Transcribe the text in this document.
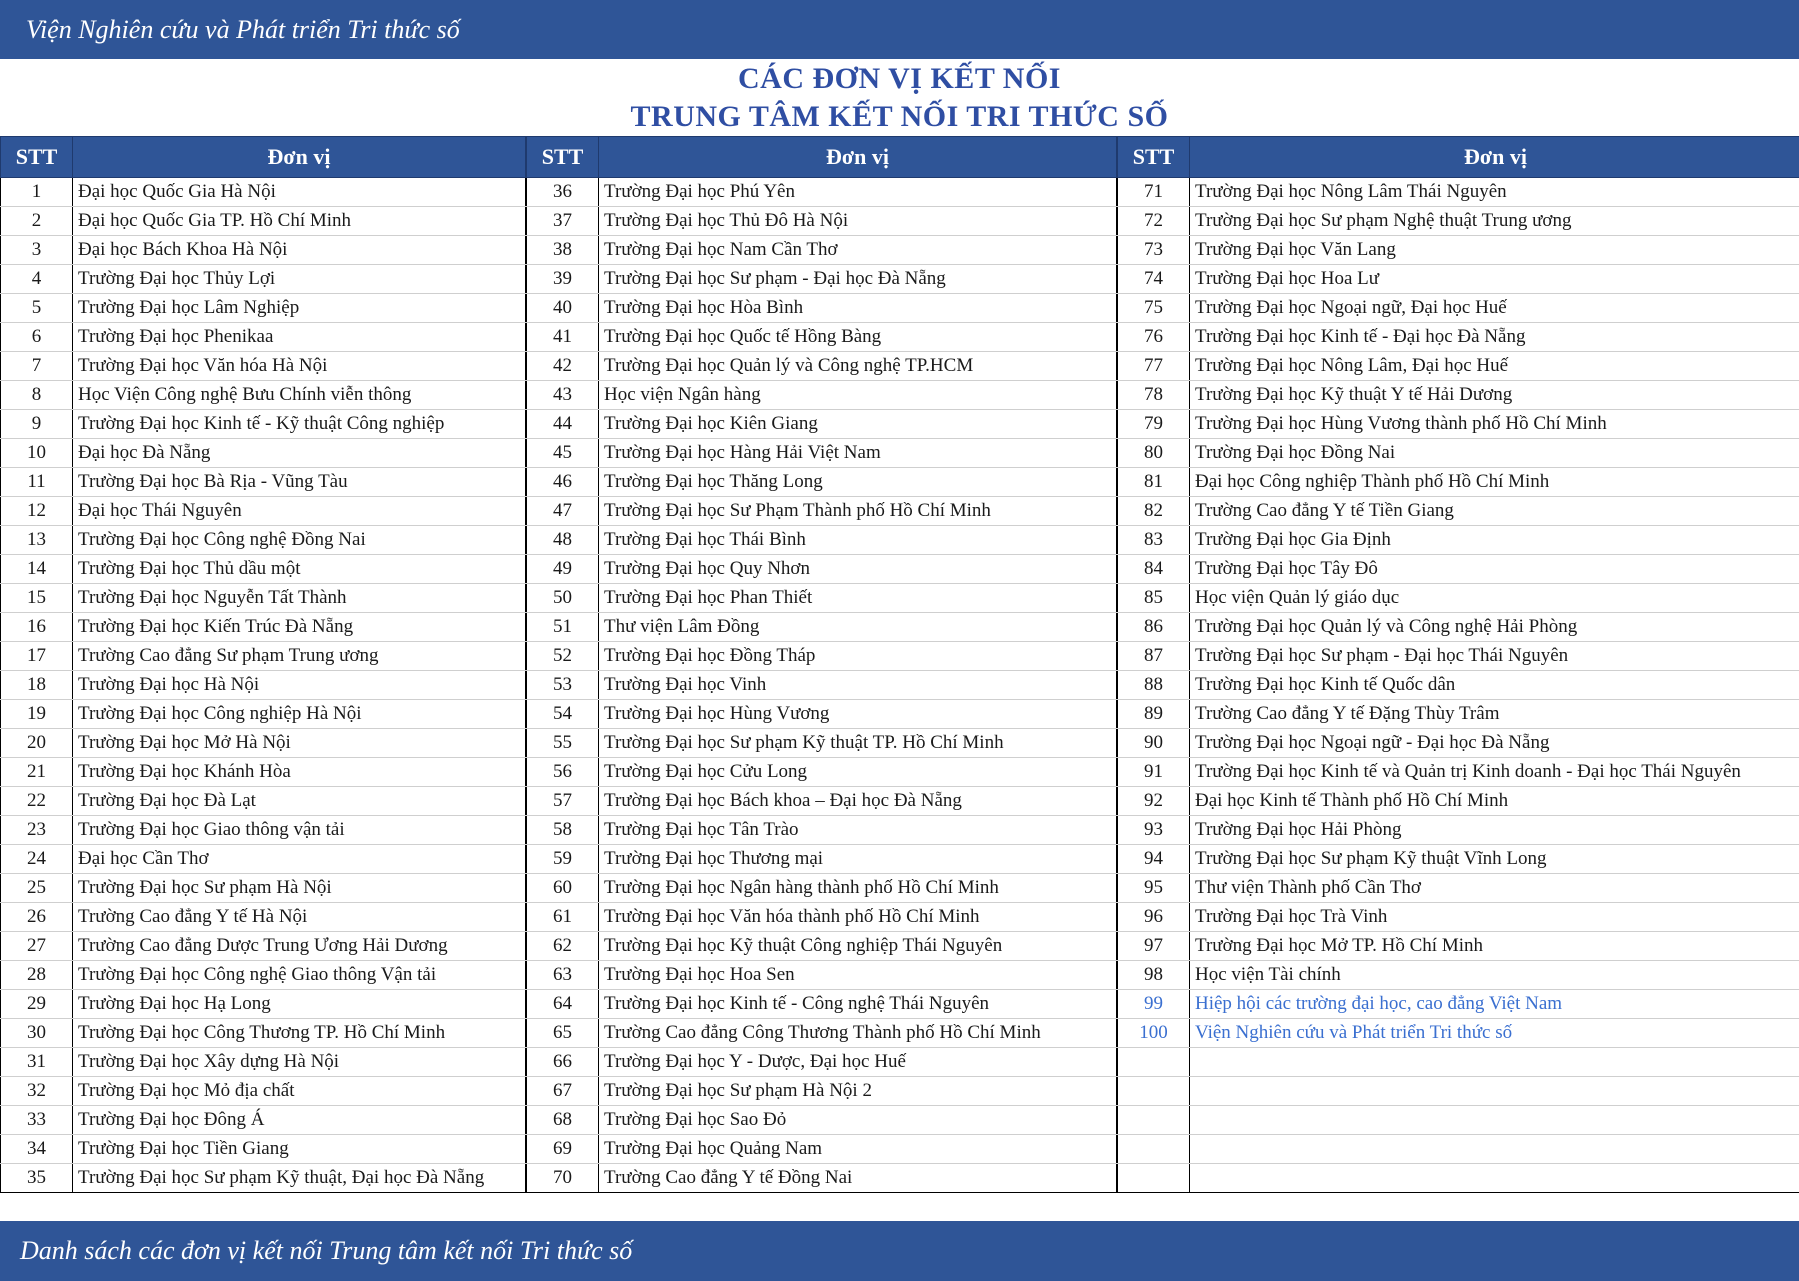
Viện Nghiên cứu và Phát triển Tri thức số
CÁC ĐƠN VỊ KẾT NỐI
TRUNG TÂM KẾT NỐI TRI THỨC SỐ
STT	Đơn vị
1	Đại học Quốc Gia Hà Nội
2	Đại học Quốc Gia TP. Hồ Chí Minh
3	Đại học Bách Khoa Hà Nội
4	Trường Đại học Thủy Lợi
5	Trường Đại học Lâm Nghiệp
6	Trường Đại học Phenikaa
7	Trường Đại học Văn hóa Hà Nội
8	Học Viện Công nghệ Bưu Chính viễn thông
9	Trường Đại học Kinh tế - Kỹ thuật Công nghiệp
10	Đại học Đà Nẵng
11	Trường Đại học Bà Rịa - Vũng Tàu
12	Đại học Thái Nguyên
13	Trường Đại học Công nghệ Đồng Nai
14	Trường Đại học Thủ dầu một
15	Trường Đại học Nguyễn Tất Thành
16	Trường Đại học Kiến Trúc Đà Nẵng
17	Trường Cao đẳng Sư phạm Trung ương
18	Trường Đại học Hà Nội
19	Trường Đại học Công nghiệp Hà Nội
20	Trường Đại học Mở Hà Nội
21	Trường Đại học Khánh Hòa
22	Trường Đại học Đà Lạt
23	Trường Đại học Giao thông vận tải
24	Đại học Cần Thơ
25	Trường Đại học Sư phạm Hà Nội
26	Trường Cao đẳng Y tế Hà Nội
27	Trường Cao đẳng Dược Trung Ương Hải Dương
28	Trường Đại học Công nghệ Giao thông Vận tải
29	Trường Đại học Hạ Long
30	Trường Đại học Công Thương TP. Hồ Chí Minh
31	Trường Đại học Xây dựng Hà Nội
32	Trường Đại học Mỏ địa chất
33	Trường Đại học Đông Á
34	Trường Đại học Tiền Giang
35	Trường Đại học Sư phạm Kỹ thuật, Đại học Đà Nẵng
STT	Đơn vị
36	Trường Đại học Phú Yên
37	Trường Đại học Thủ Đô Hà Nội
38	Trường Đại học Nam Cần Thơ
39	Trường Đại học Sư phạm - Đại học Đà Nẵng
40	Trường Đại học Hòa Bình
41	Trường Đại học Quốc tế Hồng Bàng
42	Trường Đại học Quản lý và Công nghệ TP.HCM
43	Học viện Ngân hàng
44	Trường Đại học Kiên Giang
45	Trường Đại học Hàng Hải Việt Nam
46	Trường Đại học Thăng Long
47	Trường Đại học Sư Phạm Thành phố Hồ Chí Minh
48	Trường Đại học Thái Bình
49	Trường Đại học Quy Nhơn
50	Trường Đại học Phan Thiết
51	Thư viện Lâm Đồng
52	Trường Đại học Đồng Tháp
53	Trường Đại học Vinh
54	Trường Đại học Hùng Vương
55	Trường Đại học Sư phạm Kỹ thuật TP. Hồ Chí Minh
56	Trường Đại học Cửu Long
57	Trường Đại học Bách khoa – Đại học Đà Nẵng
58	Trường Đại học Tân Trào
59	Trường Đại học Thương mại
60	Trường Đại học Ngân hàng thành phố Hồ Chí Minh
61	Trường Đại học Văn hóa thành phố Hồ Chí Minh
62	Trường Đại học Kỹ thuật Công nghiệp Thái Nguyên
63	Trường Đại học Hoa Sen
64	Trường Đại học Kinh tế - Công nghệ Thái Nguyên
65	Trường Cao đẳng Công Thương Thành phố Hồ Chí Minh
66	Trường Đại học Y - Dược, Đại học Huế
67	Trường Đại học Sư phạm Hà Nội 2
68	Trường Đại học Sao Đỏ
69	Trường Đại học Quảng Nam
70	Trường Cao đẳng Y tế Đồng Nai
STT	Đơn vị
71	Trường Đại học Nông Lâm Thái Nguyên
72	Trường Đại học Sư phạm Nghệ thuật Trung ương
73	Trường Đại học Văn Lang
74	Trường Đại học Hoa Lư
75	Trường Đại học Ngoại ngữ, Đại học Huế
76	Trường Đại học Kinh tế - Đại học Đà Nẵng
77	Trường Đại học Nông Lâm, Đại học Huế
78	Trường Đại học Kỹ thuật Y tế Hải Dương
79	Trường Đại học Hùng Vương thành phố Hồ Chí Minh
80	Trường Đại học Đồng Nai
81	Đại học Công nghiệp Thành phố Hồ Chí Minh
82	Trường Cao đẳng Y tế Tiền Giang
83	Trường Đại học Gia Định
84	Trường Đại học Tây Đô
85	Học viện Quản lý giáo dục
86	Trường Đại học Quản lý và Công nghệ Hải Phòng
87	Trường Đại học Sư phạm - Đại học Thái Nguyên
88	Trường Đại học Kinh tế Quốc dân
89	Trường Cao đẳng Y tế Đặng Thùy Trâm
90	Trường Đại học Ngoại ngữ - Đại học Đà Nẵng
91	Trường Đại học Kinh tế và Quản trị Kinh doanh - Đại học Thái Nguyên
92	Đại học Kinh tế Thành phố Hồ Chí Minh
93	Trường Đại học Hải Phòng
94	Trường Đại học Sư phạm Kỹ thuật Vĩnh Long
95	Thư viện Thành phố Cần Thơ
96	Trường Đại học Trà Vinh
97	Trường Đại học Mở TP. Hồ Chí Minh
98	Học viện Tài chính
99	Hiệp hội các trường đại học, cao đẳng Việt Nam
100	Viện Nghiên cứu và Phát triển Tri thức số

Danh sách các đơn vị kết nối Trung tâm kết nối Tri thức số
